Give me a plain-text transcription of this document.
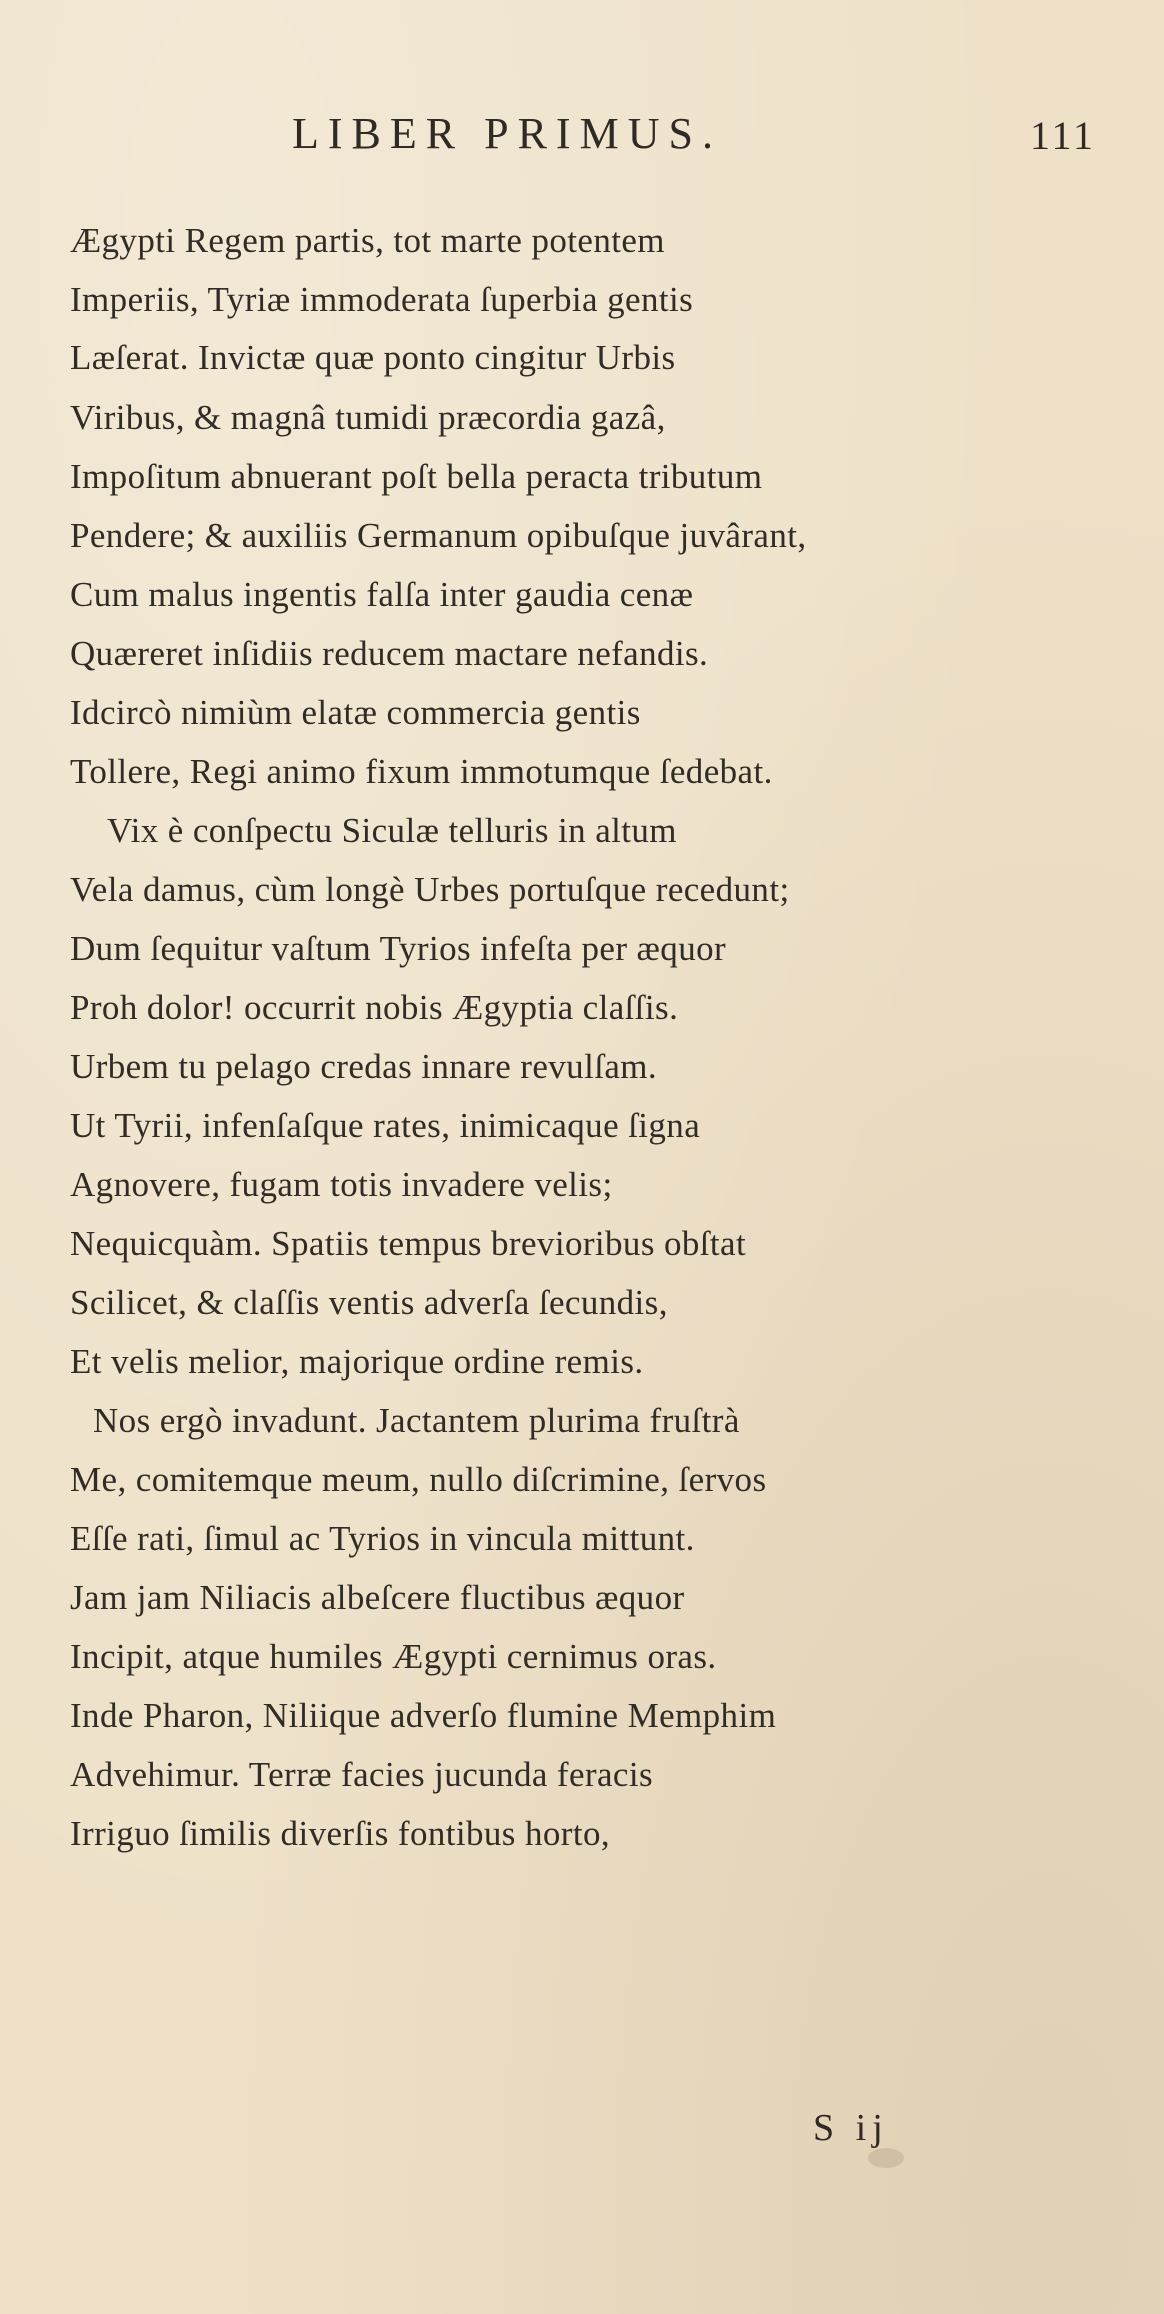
LIBER PRIMUS.	111
Ægypti Regem partis, tot marte potentem
Imperiis, Tyriæ immoderata ſuperbia gentis
Læſerat. Invictæ quæ ponto cingitur Urbis
Viribus, & magnâ tumidi præcordia gazâ,
Impoſitum abnuerant poſt bella peracta tributum
Pendere; & auxiliis Germanum opibuſque juvârant,
Cum malus ingentis falſa inter gaudia cenæ
Quæreret inſidiis reducem mactare nefandis.
Idcircò nimiùm elatæ commercia gentis
Tollere, Regi animo fixum immotumque ſedebat.
Vix è conſpectu Siculæ telluris in altum
Vela damus, cùm longè Urbes portuſque recedunt;
Dum ſequitur vaſtum Tyrios infeſta per æquor
Proh dolor! occurrit nobis Ægyptia claſſis.
Urbem tu pelago credas innare revulſam.
Ut Tyrii, infenſaſque rates, inimicaque ſigna
Agnovere, fugam totis invadere velis;
Nequicquàm. Spatiis tempus brevioribus obſtat
Scilicet, & claſſis ventis adverſa ſecundis,
Et velis melior, majorique ordine remis.
Nos ergò invadunt. Jactantem plurima fruſtrà
Me, comitemque meum, nullo diſcrimine, ſervos
Eſſe rati, ſimul ac Tyrios in vincula mittunt.
Jam jam Niliacis albeſcere fluctibus æquor
Incipit, atque humiles Ægypti cernimus oras.
Inde Pharon, Niliique adverſo flumine Memphim
Advehimur. Terræ facies jucunda feracis
Irriguo ſimilis diverſis fontibus horto,
S ij
